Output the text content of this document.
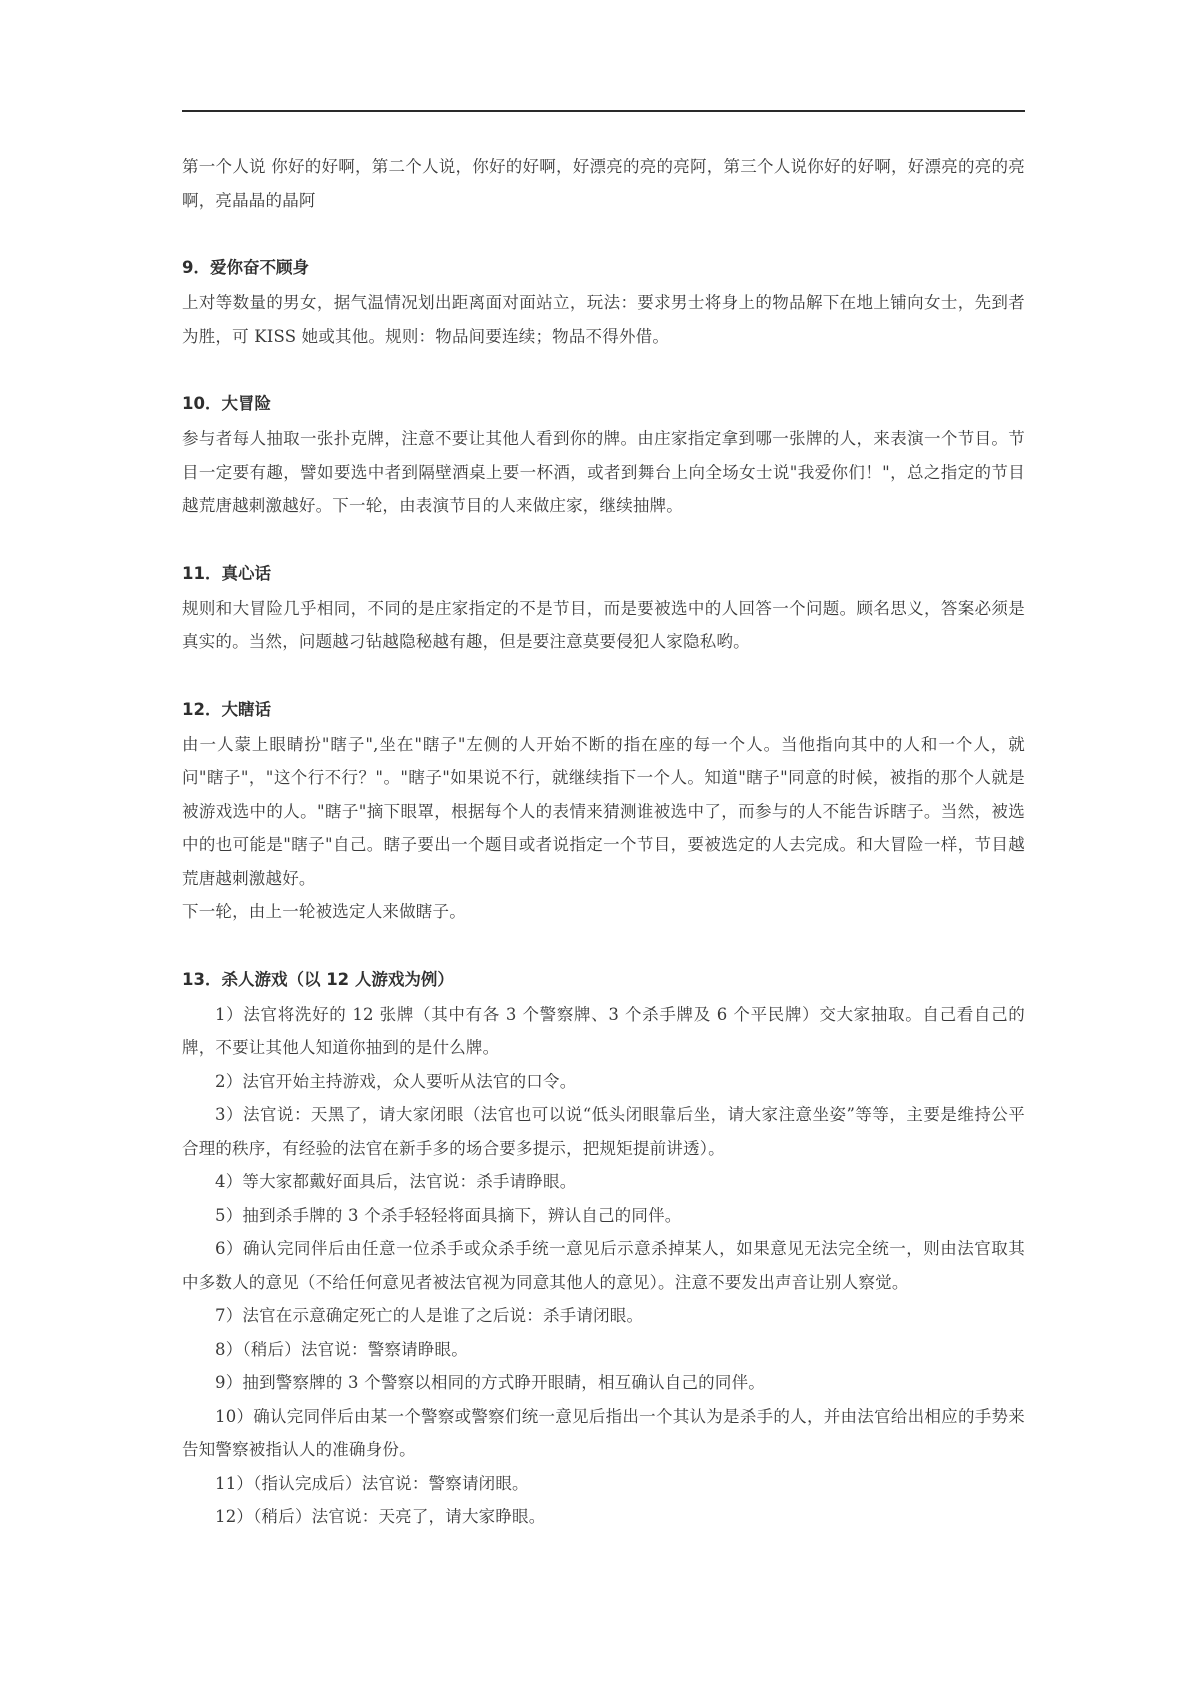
第一个人说 你好的好啊，第二个人说，你好的好啊，好漂亮的亮的亮阿，第三个人说你好的好啊，好漂亮的亮的亮啊，亮晶晶的晶阿

9．爱你奋不顾身

上对等数量的男女，据气温情况划出距离面对面站立，玩法：要求男士将身上的物品解下在地上铺向女士，先到者为胜，可 KISS 她或其他。规则：物品间要连续；物品不得外借。

10．大冒险

参与者每人抽取一张扑克牌，注意不要让其他人看到你的牌。由庄家指定拿到哪一张牌的人，来表演一个节目。节目一定要有趣，譬如要选中者到隔壁酒桌上要一杯酒，或者到舞台上向全场女士说"我爱你们！"，总之指定的节目越荒唐越刺激越好。下一轮，由表演节目的人来做庄家，继续抽牌。

11．真心话

规则和大冒险几乎相同，不同的是庄家指定的不是节目，而是要被选中的人回答一个问题。顾名思义，答案必须是真实的。当然，问题越刁钻越隐秘越有趣，但是要注意莫要侵犯人家隐私哟。

12．大瞎话

由一人蒙上眼睛扮"瞎子",坐在"瞎子"左侧的人开始不断的指在座的每一个人。当他指向其中的人和一个人，就问"瞎子"，"这个行不行？"。"瞎子"如果说不行，就继续指下一个人。知道"瞎子"同意的时候，被指的那个人就是被游戏选中的人。"瞎子"摘下眼罩，根据每个人的表情来猜测谁被选中了，而参与的人不能告诉瞎子。当然，被选中的也可能是"瞎子"自己。瞎子要出一个题目或者说指定一个节目，要被选定的人去完成。和大冒险一样，节目越荒唐越刺激越好。

下一轮，由上一轮被选定人来做瞎子。

13．杀人游戏（以 12 人游戏为例）

1）法官将洗好的 12 张牌（其中有各 3 个警察牌、3 个杀手牌及 6 个平民牌）交大家抽取。自己看自己的牌，不要让其他人知道你抽到的是什么牌。

2）法官开始主持游戏，众人要听从法官的口令。

3）法官说：天黑了，请大家闭眼（法官也可以说“低头闭眼靠后坐，请大家注意坐姿”等等，主要是维持公平合理的秩序，有经验的法官在新手多的场合要多提示，把规矩提前讲透）。

4）等大家都戴好面具后，法官说：杀手请睁眼。

5）抽到杀手牌的 3 个杀手轻轻将面具摘下，辨认自己的同伴。

6）确认完同伴后由任意一位杀手或众杀手统一意见后示意杀掉某人，如果意见无法完全统一，则由法官取其中多数人的意见（不给任何意见者被法官视为同意其他人的意见）。注意不要发出声音让别人察觉。

7）法官在示意确定死亡的人是谁了之后说：杀手请闭眼。

8）（稍后）法官说：警察请睁眼。

9）抽到警察牌的 3 个警察以相同的方式睁开眼睛，相互确认自己的同伴。

10）确认完同伴后由某一个警察或警察们统一意见后指出一个其认为是杀手的人，并由法官给出相应的手势来告知警察被指认人的准确身份。

11）（指认完成后）法官说：警察请闭眼。

12）（稍后）法官说：天亮了，请大家睁眼。
